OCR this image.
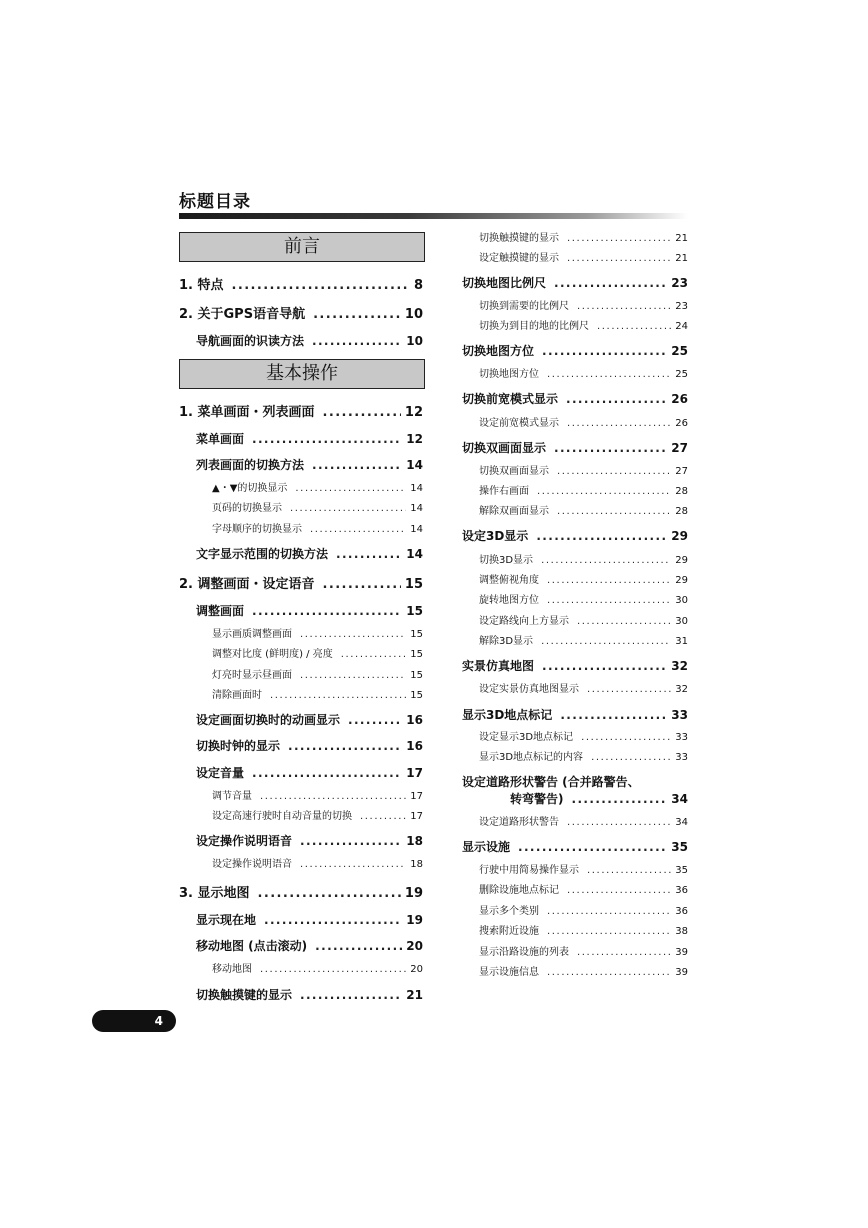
标题目录
前言
1. 特点 .....	8
2. 关于GPS语音导航 .....	10
导航画面的识读方法 .....	10
基本操作
1. 菜单画面・列表画面 .....	12
菜单画面 .....	12
列表画面的切换方法 .....	14
▲・▼的切换显示 .....	14
页码的切换显示 .....	14
字母顺序的切换显示 .....	14
文字显示范围的切换方法 .....	14
2. 调整画面・设定语音 .....	15
调整画面 .....	15
显示画质调整画面 .....	15
调整对比度 (鲜明度) / 亮度 .....	15
灯亮时显示昼画面 .....	15
清除画面时 .....	15
设定画面切换时的动画显示 .....	16
切换时钟的显示 .....	16
设定音量 .....	17
调节音量 .....	17
设定高速行驶时自动音量的切换 .....	17
设定操作说明语音 .....	18
设定操作说明语音 .....	18
3. 显示地图 .....	19
显示现在地 .....	19
移动地图 (点击滚动) .....	20
移动地图 .....	20
切换触摸键的显示 .....	21
切换触摸键的显示 .....	21
设定触摸键的显示 .....	21
切换地图比例尺 .....	23
切换到需要的比例尺 .....	23
切换为到目的地的比例尺 .....	24
切换地图方位 .....	25
切换地图方位 .....	25
切换前宽模式显示 .....	26
设定前宽模式显示 .....	26
切换双画面显示 .....	27
切换双画面显示 .....	27
操作右画面 .....	28
解除双画面显示 .....	28
设定3D显示 .....	29
切换3D显示 .....	29
调整俯视角度 .....	29
旋转地图方位 .....	30
设定路线向上方显示 .....	30
解除3D显示 .....	31
实景仿真地图 .....	32
设定实景仿真地图显示 .....	32
显示3D地点标记 .....	33
设定显示3D地点标记 .....	33
显示3D地点标记的内容 .....	33
设定道路形状警告 (合并路警告、
　　　　转弯警告) .....	34
设定道路形状警告 .....	34
显示设施 .....	35
行驶中用简易操作显示 .....	35
删除设施地点标记 .....	36
显示多个类别 .....	36
搜索附近设施 .....	38
显示沿路设施的列表 .....	39
显示设施信息 .....	39
4
